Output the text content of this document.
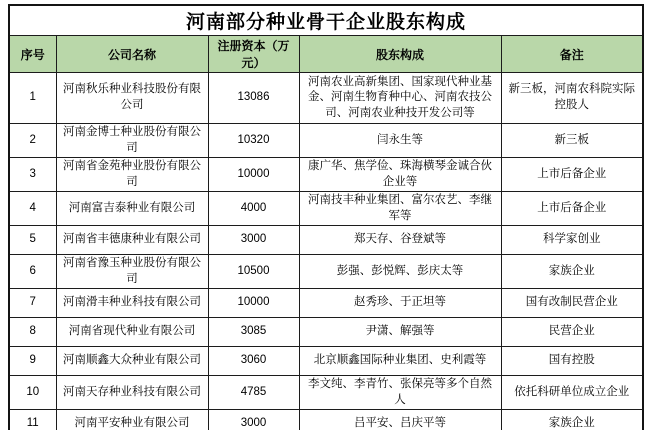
河南部分种业骨干企业股东构成				
序号	公司名称	注册资本（万元）	股东构成	备注
1	河南秋乐种业科技股份有限公司	13086	河南农业高新集团、国家现代种业基金、河南生物育种中心、河南农技公司、河南农业种技开发公司等	新三板，河南农科院实际控股人
2	河南金博士种业股份有限公司	10320	闫永生等	新三板
3	河南省金苑种业股份有限公司	10000	康广华、焦学俭、珠海横琴金诚合伙企业等	上市后备企业
4	河南富吉泰种业有限公司	4000	河南技丰种业集团、富尔农艺、李继军等	上市后备企业
5	河南省丰德康种业有限公司	3000	郑天存、谷登斌等	科学家创业
6	河南省豫玉种业股份有限公司	10500	彭强、彭悦辉、彭庆太等	家族企业
7	河南滑丰种业科技有限公司	10000	赵秀珍、于正坦等	国有改制民营企业
8	河南省现代种业有限公司	3085	尹潇、解强等	民营企业
9	河南顺鑫大众种业有限公司	3060	北京顺鑫国际种业集团、史利霞等	国有控股
10	河南天存种业科技有限公司	4785	李文纯、李青竹、张保亮等多个自然人	依托科研单位成立企业
11	河南平安种业有限公司	3000	吕平安、吕庆平等	家族企业
